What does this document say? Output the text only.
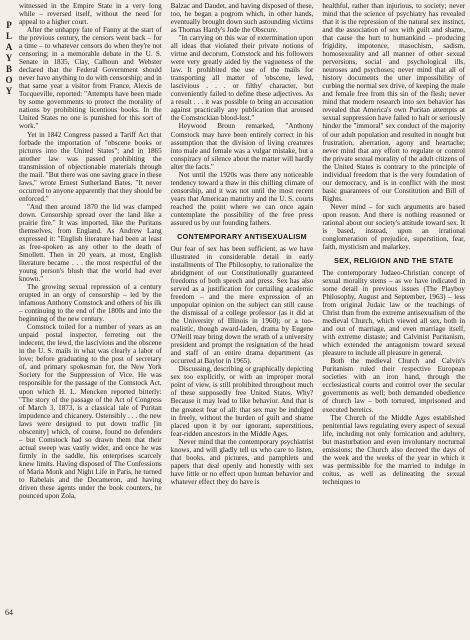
P
L
A
Y
B
O
Y
64

witnessed in the Empire State in a very long while – reversed itself, without the need for appeal to a higher court.

After the unhappy fate of Fanny at the start of the previous century, the censors went back – for a time – to whatever censors do when they're not censoring; in a memorable debate in the U. S. Senate in 1835, Clay, Calhoun and Webster declared that the Federal Government should never have anything to do with censorship; and in that same year a visitor from France, Alexis de Tocqueville, reported: "Attempts have been made by some governments to protect the morality of nations by prohibiting licentious books. In the United States no one is punished for this sort of work."

Yet in 1842 Congress passed a Tariff Act that forbade the importation of "obscene books or pictures into the United States"; and in 1865 another law was passed prohibiting the transmission of objectionable materials through the mail. "But there was one saving grace in these laws," wrote Ernest Sutherland Bates. "It never occurred to anyone apparently that they should be enforced."

"And then around 1870 the lid was clamped down. Censorship spread over the land like a prairie fire." It was imported, like the Puritans themselves, from England. As Andrew Lang expressed it: "English literature had been at least as free-spoken as any other to the death of Smollett. Then in 20 years, at most, English literature became . . . the most respectful of the young person's blush that the world had ever known."

The growing sexual repression of a century erupted in an orgy of censorship – led by the infamous Anthony Comstock and others of his ilk – continuing to the end of the 1800s and into the beginning of the new century.

Comstock toiled for a number of years as an unpaid postal inspector, ferreting out the indecent, the lewd, the lascivious and the obscene in the U. S. mails in what was clearly a labor of love; before graduating to the post of secretary of, and primary spokesman for, the New York Society for the Suppression of Vice. He was responsible for the passage of the Comstock Act, upon which H. L. Mencken reported bitterly: "The story of the passage of the Act of Congress of March 3, 1873, is a classical tale of Puritan impudence and chicanery. Ostensibly . . . the new laws were designed to put down traffic [in obscenity] which, of course, found no defenders – but Comstock had so drawn them that their actual sweep was vastly wider, and once he was firmly in the saddle, his enterprises scarcely knew limits. Having disposed of The Confessions of Maria Monk and Night Life in Paris, he turned to Rabelais and the Decameron, and having driven these agents under the book counters, he pounced upon Zola,

Balzac and Daudet, and having disposed of these, too, he began a pogrom which, in other hands, eventually brought down such astounding victims as Thomas Hardy's Jude the Obscure.

"In carrying on this war of extermination upon all ideas that violated their private notions of virtue and decorum, Comstock and his followers were very greatly aided by the vagueness of the law. It prohibited the use of the mails for transporting all matter of 'obscene, lewd, lascivious . . . or filthy' character, but conveniently failed to define these adjectives. As a result . . . it was possible to bring an accusation against practically any publication that aroused the Comstockian blood-lust."

Heywood Broun remarked, "Anthony Comstock may have been entirely correct in his assumption that the division of living creatures into male and female was a vulgar mistake, but a conspiracy of silence about the matter will hardly alter the facts."

Not until the 1920s was there any noticeable tendency toward a thaw in this chilling climate of censorship, and it was not until the most recent years that American maturity and the U. S. courts reached the point where we can once again contemplate the possibility of the free press assured us by our founding fathers.

CONTEMPORARY ANTISEXUALISM

Our fear of sex has been sufficient, as we have illustrated in considerable detail in early installments of The Philosophy, to rationalize the abridgment of our Constitutionally guaranteed freedoms of both speech and press. Sex has also served as a justification for curtailing academic freedom – and the mere expression of an unpopular opinion on the subject can still cause the dismissal of a college professor (as it did at the University of Illinois in 1960); or a too-realistic, though award-laden, drama by Eugene O'Neill may bring down the wrath of a university president and prompt the resignation of the head and staff of an entire drama department (as occurred at Baylor in 1965).

Discussing, describing or graphically depicting sex too explicitly, or with an improper moral point of view, is still prohibited throughout much of these supposedly free United States. Why? Because it may lead to like behavior. And that is the greatest fear of all: that sex may be indulged in freely, without the burden of guilt and shame placed upon it by our ignorant, superstitious, fear-ridden ancestors in the Middle Ages.

Never mind that the contemporary psychiatrist knows, and will gladly tell us who care to listen, that books, and pictures, and pamphlets and papers that deal openly and honestly with sex have little or no effect upon human behavior and whatever effect they do have is

healthful, rather than injurious, to society; never mind that the science of psychiatry has revealed that it is the repression of the natural sex instinct, and the association of sex with guilt and shame, that cause the hurt to humankind – producing frigidity, impotence, masochism, sadism, homosexuality and all manner of other sexual perversions, social and psychological ills, neuroses and psychoses; never mind that all of history documents the utter impossibility of curbing the normal sex drive, of keeping the male and female free from this sin of the flesh; never mind that modern research into sex behavior has revealed that America's own Puritan attempts at sexual suppression have failed to halt or seriously hinder the "immoral" sex conduct of the majority of our adult population and resulted in nought but frustration, aberration, agony and heartache; never mind that any effort to regulate or control the private sexual morality of the adult citizens of the United States is contrary to the principle of individual freedom that is the very foundation of our democracy, and is in conflict with the most basic guarantees of our Constitution and Bill of Rights.

Never mind – for such arguments are based upon reason. And there is nothing reasoned or rational about our society's attitude toward sex. It is based, instead, upon an irrational conglomeration of prejudice, superstition, fear, faith, mysticism and malarkey.

SEX, RELIGION AND THE STATE

The contemporary Judaeo-Christian concept of sexual morality stems – as we have indicated in some detail in previous issues (The Playboy Philosophy, August and September, 1963) – less from original Judaic law or the teachings of Christ than from the extreme antisexualism of the medieval Church, which viewed all sex, both in and out of marriage, and even marriage itself, with extreme distaste; and Calvinist Puritanism, which extended the antagonism toward sexual pleasure to include all pleasure in general.

Both the medieval Church and Calvin's Puritanism ruled their respective European societies with an iron hand, through the ecclesiastical courts and control over the secular governments as well; both demanded obedience of church law – both tortured, imprisoned and executed heretics.

The Church of the Middle Ages established penitential laws regulating every aspect of sexual life, including not only fornication and adultery, but masturbation and even involuntary nocturnal emissions; the Church also decreed the days of the week and the weeks of the year in which it was permissible for the married to indulge in coitus, as well as delineating the sexual techniques to
